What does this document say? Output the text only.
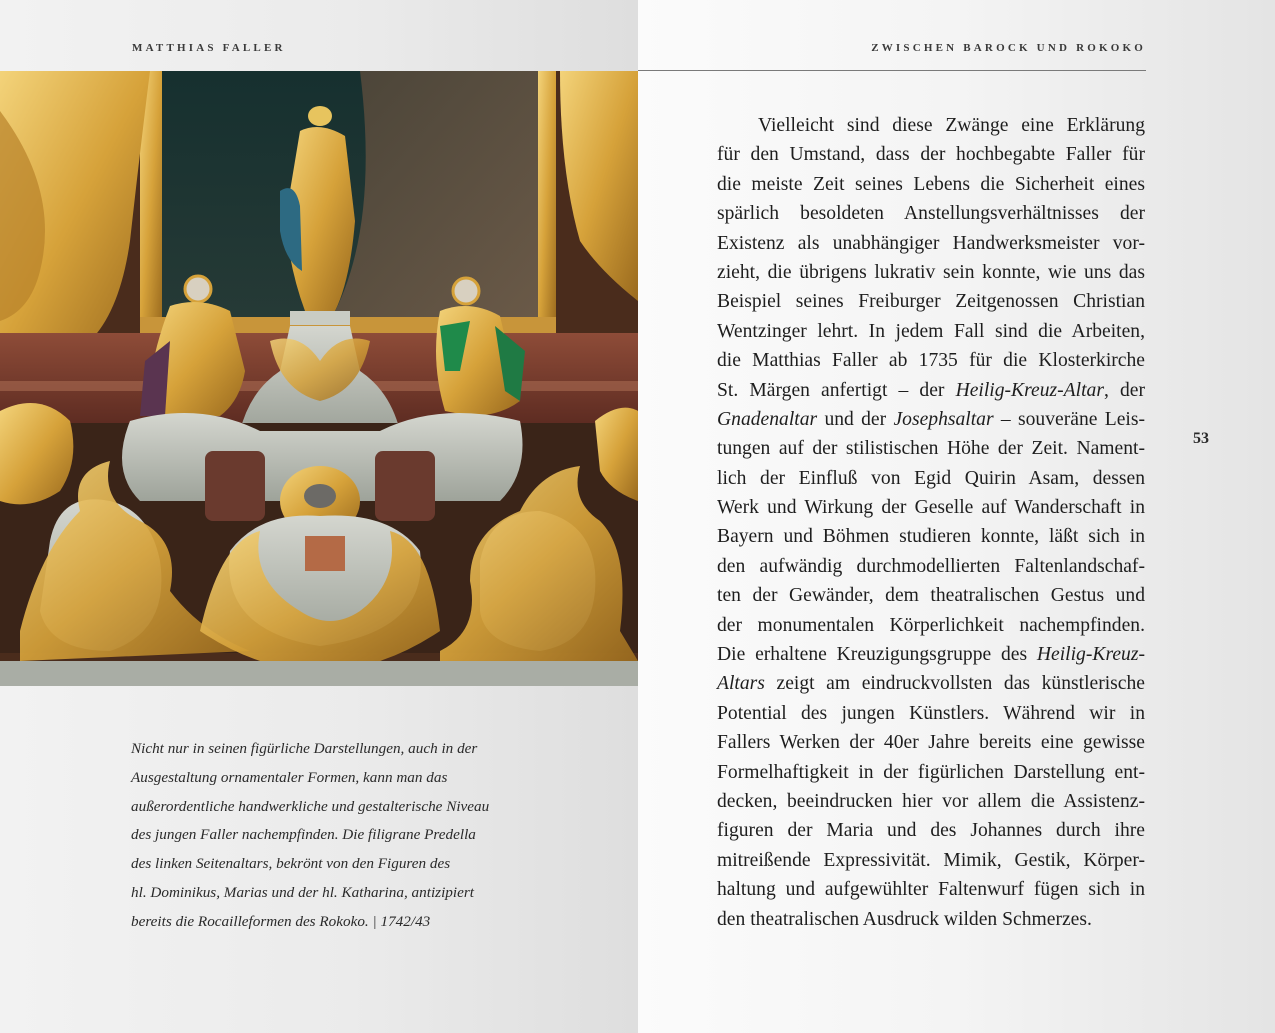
MATTHIAS FALLER
Nicht nur in seinen figürliche Darstellungen, auch in der
Ausgestaltung ornamentaler Formen, kann man das
außerordentliche handwerkliche und gestalterische Niveau
des jungen Faller nachempfinden. Die filigrane Predella
des linken Seitenaltars, bekrönt von den Figuren des
hl. Dominikus, Marias und der hl. Katharina, antizipiert
bereits die Rocailleformen des Rokoko. | 1742/43
ZWISCHEN BAROCK UND ROKOKO
Vielleicht sind diese Zwänge eine Erklärung
für den Umstand, dass der hochbegabte Faller für
die meiste Zeit seines Lebens die Sicherheit eines
spärlich besoldeten Anstellungsverhältnisses der
Existenz als unabhängiger Handwerksmeister vor-
zieht, die übrigens lukrativ sein konnte, wie uns das
Beispiel seines Freiburger Zeitgenossen Christian
Wentzinger lehrt. In jedem Fall sind die Arbeiten,
die Matthias Faller ab 1735 für die Klosterkirche
St. Märgen anfertigt – der Heilig-Kreuz-Altar, der
Gnadenaltar und der Josephsaltar – souveräne Leis-
tungen auf der stilistischen Höhe der Zeit. Nament-
lich der Einfluß von Egid Quirin Asam, dessen
Werk und Wirkung der Geselle auf Wanderschaft in
Bayern und Böhmen studieren konnte, läßt sich in
den aufwändig durchmodellierten Faltenlandschaf-
ten der Gewänder, dem theatralischen Gestus und
der monumentalen Körperlichkeit nachempfinden.
Die erhaltene Kreuzigungsgruppe des Heilig-Kreuz-
Altars zeigt am eindruckvollsten das künstlerische
Potential des jungen Künstlers. Während wir in
Fallers Werken der 40er Jahre bereits eine gewisse
Formelhaftigkeit in der figürlichen Darstellung ent-
decken, beeindrucken hier vor allem die Assistenz-
figuren der Maria und des Johannes durch ihre
mitreißende Expressivität. Mimik, Gestik, Körper-
haltung und aufgewühlter Faltenwurf fügen sich in
den theatralischen Ausdruck wilden Schmerzes.
53
